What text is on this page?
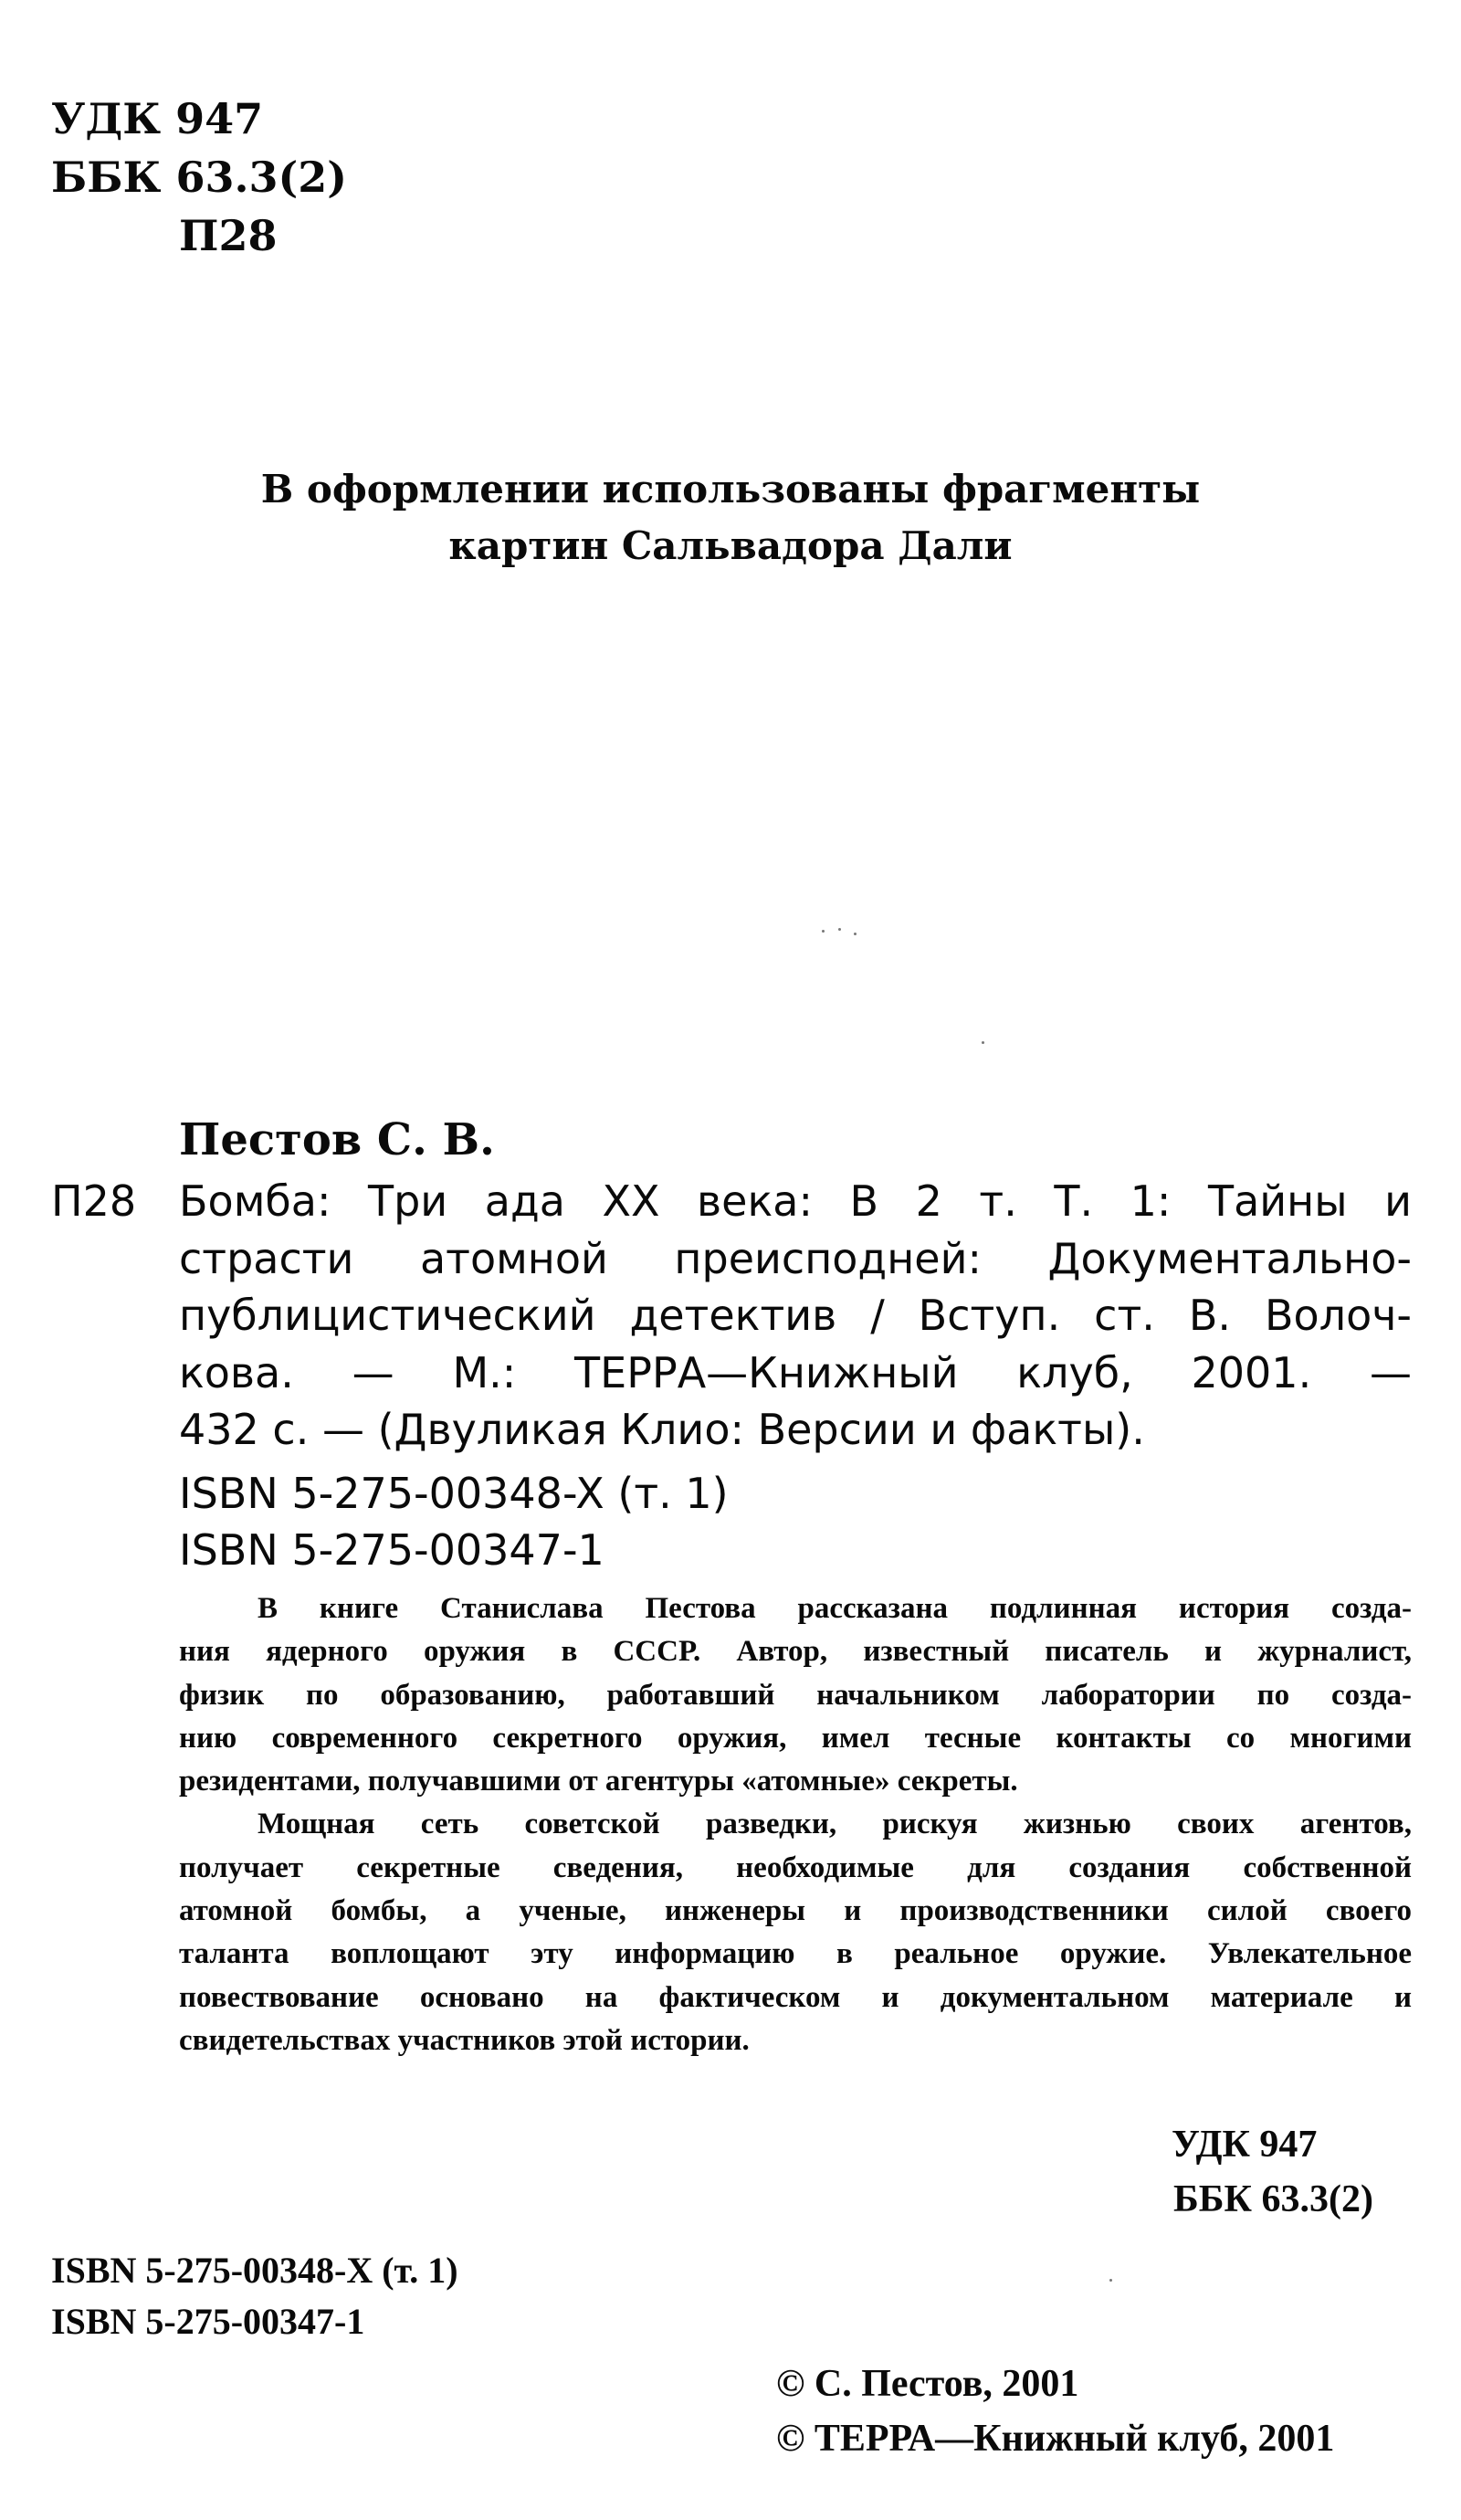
УДК 947
ББК 63.3(2)
П28
В оформлении использованы фрагменты
картин Сальвадора Дали
Пестов С. В.
П28 Бомба: Три ада XX века: В 2 т. Т. 1: Тайны и
страсти атомной преисподней: Документально-
публицистический детектив / Вступ. ст. В. Волоч-
кова. — М.: ТЕРРА—Книжный клуб, 2001. —
432 с. — (Двуликая Клио: Версии и факты).
ISBN 5-275-00348-X (т. 1)
ISBN 5-275-00347-1
В книге Станислава Пестова рассказана подлинная история созда-
ния ядерного оружия в СССР. Автор, известный писатель и журналист,
физик по образованию, работавший начальником лаборатории по созда-
нию современного секретного оружия, имел тесные контакты со многими
резидентами, получавшими от агентуры «атомные» секреты.
Мощная сеть советской разведки, рискуя жизнью своих агентов,
получает секретные сведения, необходимые для создания собственной
атомной бомбы, а ученые, инженеры и производственники силой своего
таланта воплощают эту информацию в реальное оружие. Увлекательное
повествование основано на фактическом и документальном материале и
свидетельствах участников этой истории.
УДК 947
ББК 63.3(2)
ISBN 5-275-00348-X (т. 1)
ISBN 5-275-00347-1
© С. Пестов, 2001
© ТЕРРА—Книжный клуб, 2001
